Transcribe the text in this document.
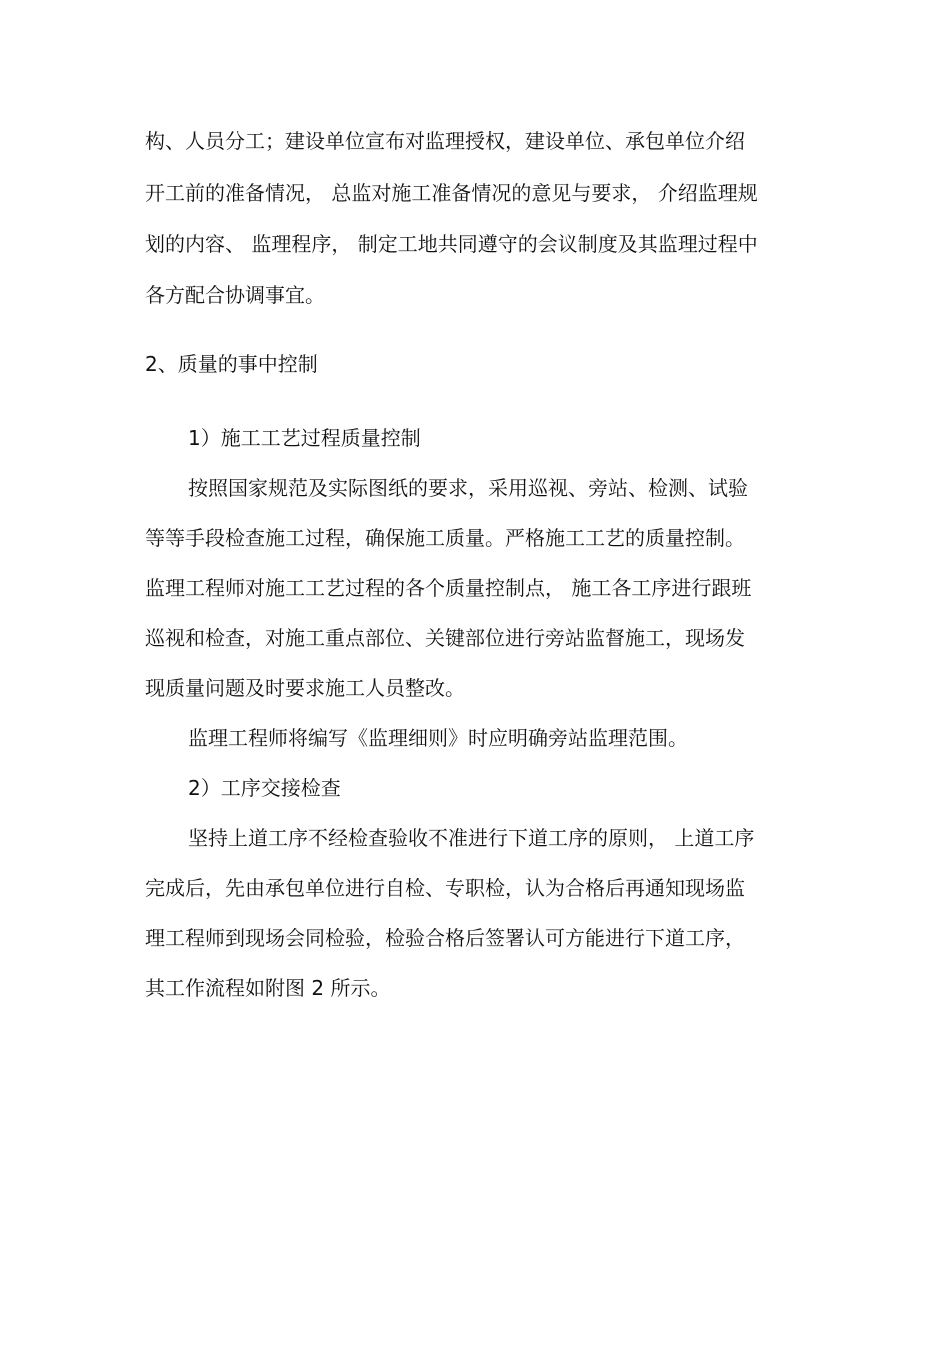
构、人员分工；建设单位宣布对监理授权，建设单位、承包单位介绍
开工前的准备情况， 总监对施工准备情况的意见与要求， 介绍监理规
划的内容、 监理程序， 制定工地共同遵守的会议制度及其监理过程中
各方配合协调事宜。
2、质量的事中控制
1）施工工艺过程质量控制
按照国家规范及实际图纸的要求，采用巡视、旁站、检测、试验
等等手段检查施工过程，确保施工质量。严格施工工艺的质量控制。
监理工程师对施工工艺过程的各个质量控制点， 施工各工序进行跟班
巡视和检查，对施工重点部位、关键部位进行旁站监督施工，现场发
现质量问题及时要求施工人员整改。
监理工程师将编写《监理细则》时应明确旁站监理范围。
2）工序交接检查
坚持上道工序不经检查验收不准进行下道工序的原则， 上道工序
完成后，先由承包单位进行自检、专职检，认为合格后再通知现场监
理工程师到现场会同检验，检验合格后签署认可方能进行下道工序，
其工作流程如附图 2 所示。
